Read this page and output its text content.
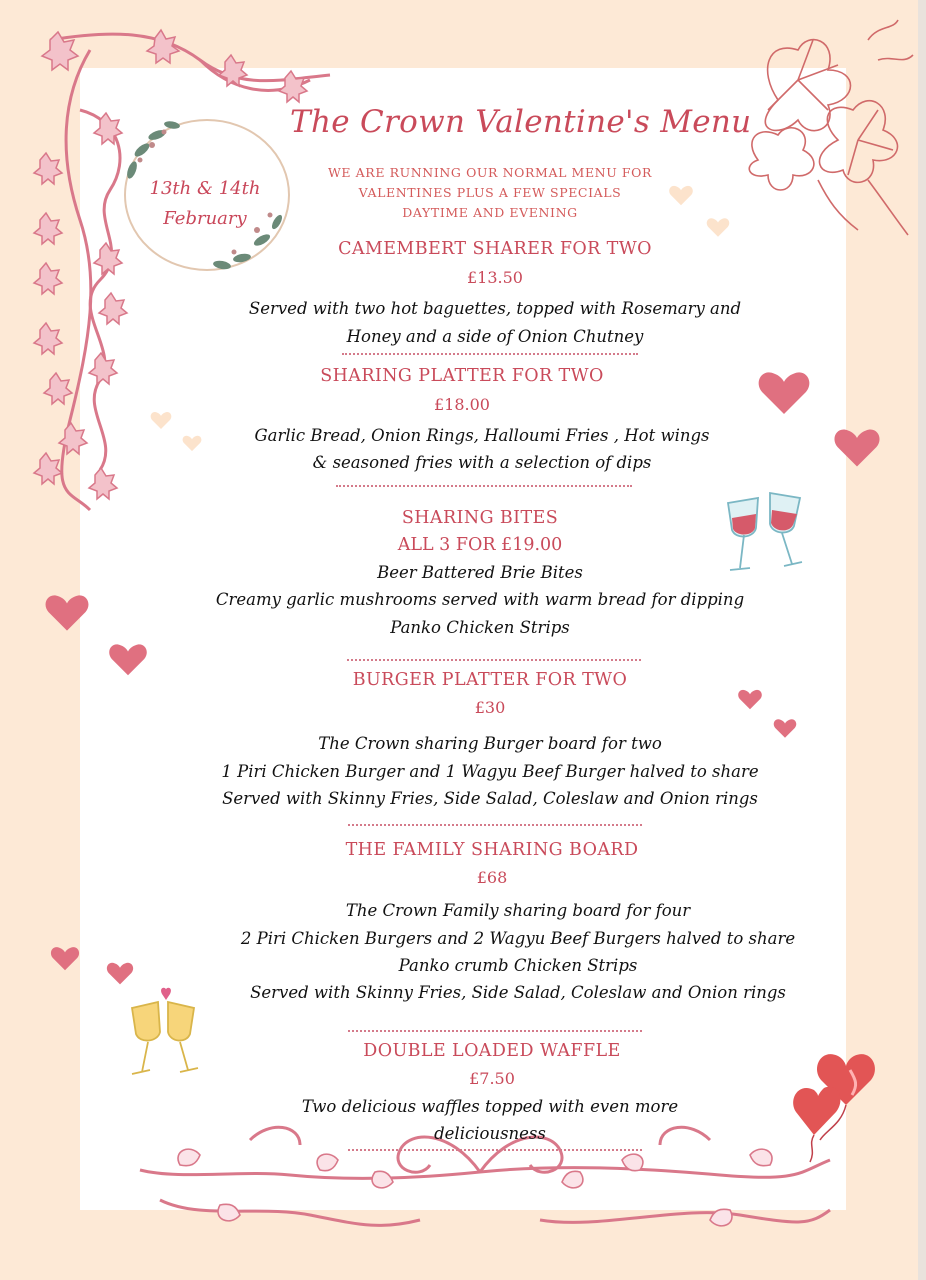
The Crown Valentine's Menu
WE ARE RUNNING OUR NORMAL MENU FOR
VALENTINES PLUS A FEW SPECIALS
DAYTIME AND EVENING
13th & 14th
February
CAMEMBERT SHARER FOR TWO
£13.50
Served with two hot baguettes, topped with Rosemary and
Honey and a side of Onion Chutney
SHARING PLATTER FOR TWO
£18.00
Garlic Bread, Onion Rings, Halloumi Fries , Hot wings
& seasoned fries with a selection of dips
SHARING BITES
ALL 3 FOR £19.00
Beer Battered Brie Bites
Creamy garlic mushrooms served with warm bread for dipping
Panko Chicken Strips
BURGER PLATTER FOR TWO
£30
The Crown sharing Burger board for two
1 Piri Chicken Burger and 1 Wagyu Beef Burger halved to share
Served with Skinny Fries, Side Salad, Coleslaw and Onion rings
THE FAMILY SHARING BOARD
£68
The Crown Family sharing board for four
2 Piri Chicken Burgers and 2 Wagyu Beef Burgers halved to share
Panko crumb Chicken Strips
Served with Skinny Fries, Side Salad, Coleslaw and Onion rings
DOUBLE LOADED WAFFLE
£7.50
Two delicious waffles topped with even more
deliciousness
